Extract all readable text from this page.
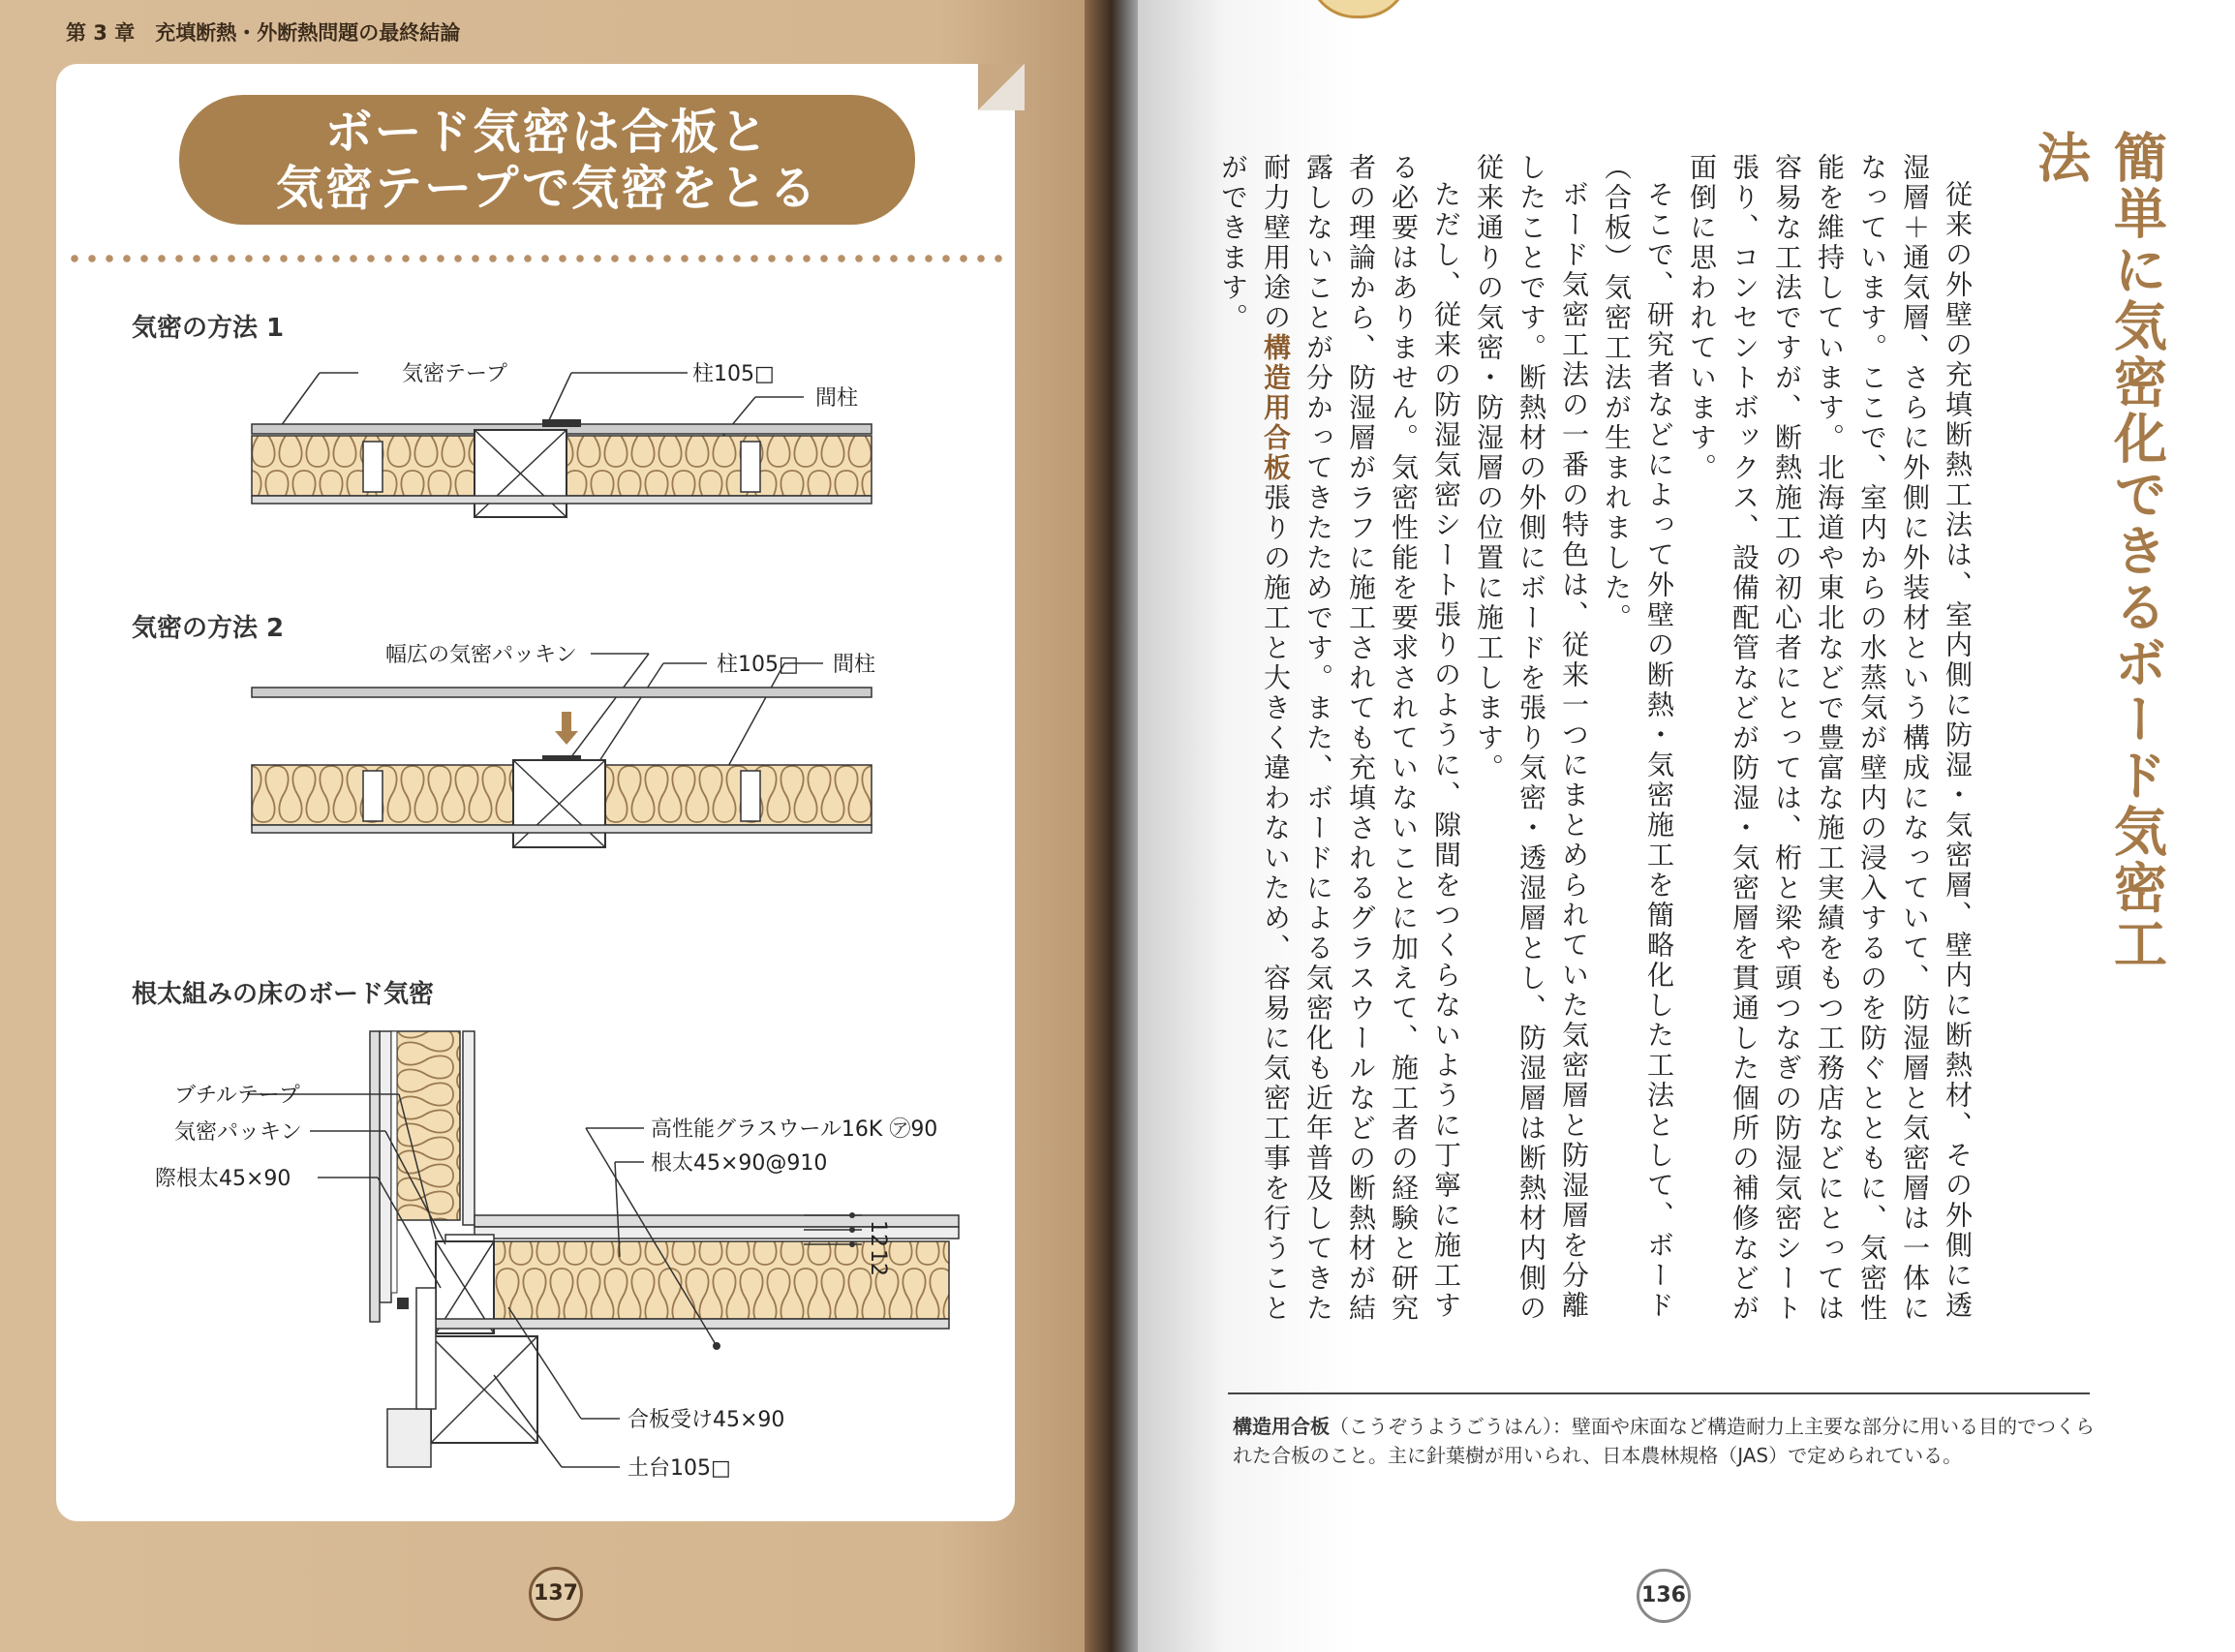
第 3 章　充填断熱・外断熱問題の最終結論
ボード気密は合板と
気密テープで気密をとる
気密の方法 1
気密テープ	柱105□
間柱
気密の方法 2
幅広の気密パッキン	柱105□ 間柱
根太組みの床のボード気密
ブチルテープ
気密パッキン
際根太45×90
高性能グラスウール16K ㋐90
根太45×90@910
12
12
合板受け45×90
土台105□
137
簡単に気密化できるボード気密工法

従来の外壁の充填断熱工法は、室内側に防湿・気密層、壁内に断熱材、その外側に透湿層＋通気層、さらに外側に外装材という構成になっていて、防湿層と気密層は一体になっています。ここで、室内からの水蒸気が壁内の浸入するのを防ぐとともに、気密性能を維持しています。北海道や東北などで豊富な施工実績をもつ工務店などにとっては容易な工法ですが、断熱施工の初心者にとっては、桁と梁や頭つなぎの防湿気密シート張り、コンセントボックス、設備配管などが防湿・気密層を貫通した個所の補修などが面倒に思われています。

そこで、研究者などによって外壁の断熱・気密施工を簡略化した工法として、ボード（合板）気密工法が生まれました。

ボード気密工法の一番の特色は、従来一つにまとめられていた気密層と防湿層を分離したことです。断熱材の外側にボードを張り気密・透湿層とし、防湿層は断熱材内側の従来通りの気密・防湿層の位置に施工します。

ただし、従来の防湿気密シート張りのように、隙間をつくらないように丁寧に施工する必要はありません。気密性能を要求されていないことに加えて、施工者の経験と研究者の理論から、防湿層がラフに施工されても充填されるグラスウールなどの断熱材が結露しないことが分かってきたためです。また、ボードによる気密化も近年普及してきた耐力壁用途の構造用合板張りの施工と大きく違わないため、容易に気密工事を行うことができます。

構造用合板（こうぞうようごうはん）：壁面や床面など構造耐力上主要な部分に用いる目的でつくられた合板のこと。主に針葉樹が用いられ、日本農林規格（JAS）で定められている。
136
